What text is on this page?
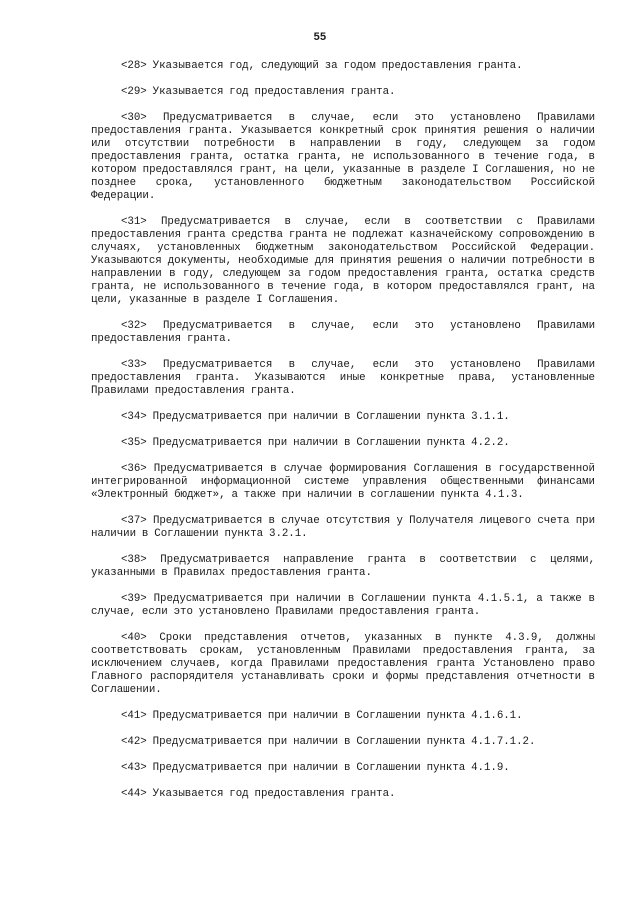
55

<28> Указывается год, следующий за годом предоставления гранта.

<29> Указывается год предоставления гранта.

<30> Предусматривается в случае, если это установлено Правилами предоставления гранта. Указывается конкретный срок принятия решения о наличии или отсутствии потребности в направлении в году, следующем за годом предоставления гранта, остатка гранта, не использованного в течение года, в котором предоставлялся грант, на цели, указанные в разделе I Соглашения, но не позднее срока, установленного бюджетным законодательством Российской Федерации.

<31> Предусматривается в случае, если в соответствии с Правилами предоставления гранта средства гранта не подлежат казначейскому сопровождению в случаях, установленных бюджетным законодательством Российской Федерации. Указываются документы, необходимые для принятия решения о наличии потребности в направлении в году, следующем за годом предоставления гранта, остатка средств гранта, не использованного в течение года, в котором предоставлялся грант, на цели, указанные в разделе I Соглашения.

<32> Предусматривается в случае, если это установлено Правилами предоставления гранта.

<33> Предусматривается в случае, если это установлено Правилами предоставления гранта. Указываются иные конкретные права, установленные Правилами предоставления гранта.

<34> Предусматривается при наличии в Соглашении пункта 3.1.1.

<35> Предусматривается при наличии в Соглашении пункта 4.2.2.

<36> Предусматривается в случае формирования Соглашения в государственной интегрированной информационной системе управления общественными финансами «Электронный бюджет», а также при наличии в соглашении пункта 4.1.3.

<37> Предусматривается в случае отсутствия у Получателя лицевого счета при наличии в Соглашении пункта 3.2.1.

<38> Предусматривается направление гранта в соответствии с целями, указанными в Правилах предоставления гранта.

<39> Предусматривается при наличии в Соглашении пункта 4.1.5.1, а также в случае, если это установлено Правилами предоставления гранта.

<40> Сроки представления отчетов, указанных в пункте 4.3.9, должны соответствовать срокам, установленным Правилами предоставления гранта, за исключением случаев, когда Правилами предоставления гранта Установлено право Главного распорядителя устанавливать сроки и формы представления отчетности в Соглашении.

<41> Предусматривается при наличии в Соглашении пункта 4.1.6.1.

<42> Предусматривается при наличии в Соглашении пункта 4.1.7.1.2.

<43> Предусматривается при наличии в Соглашении пункта 4.1.9.

<44> Указывается год предоставления гранта.
